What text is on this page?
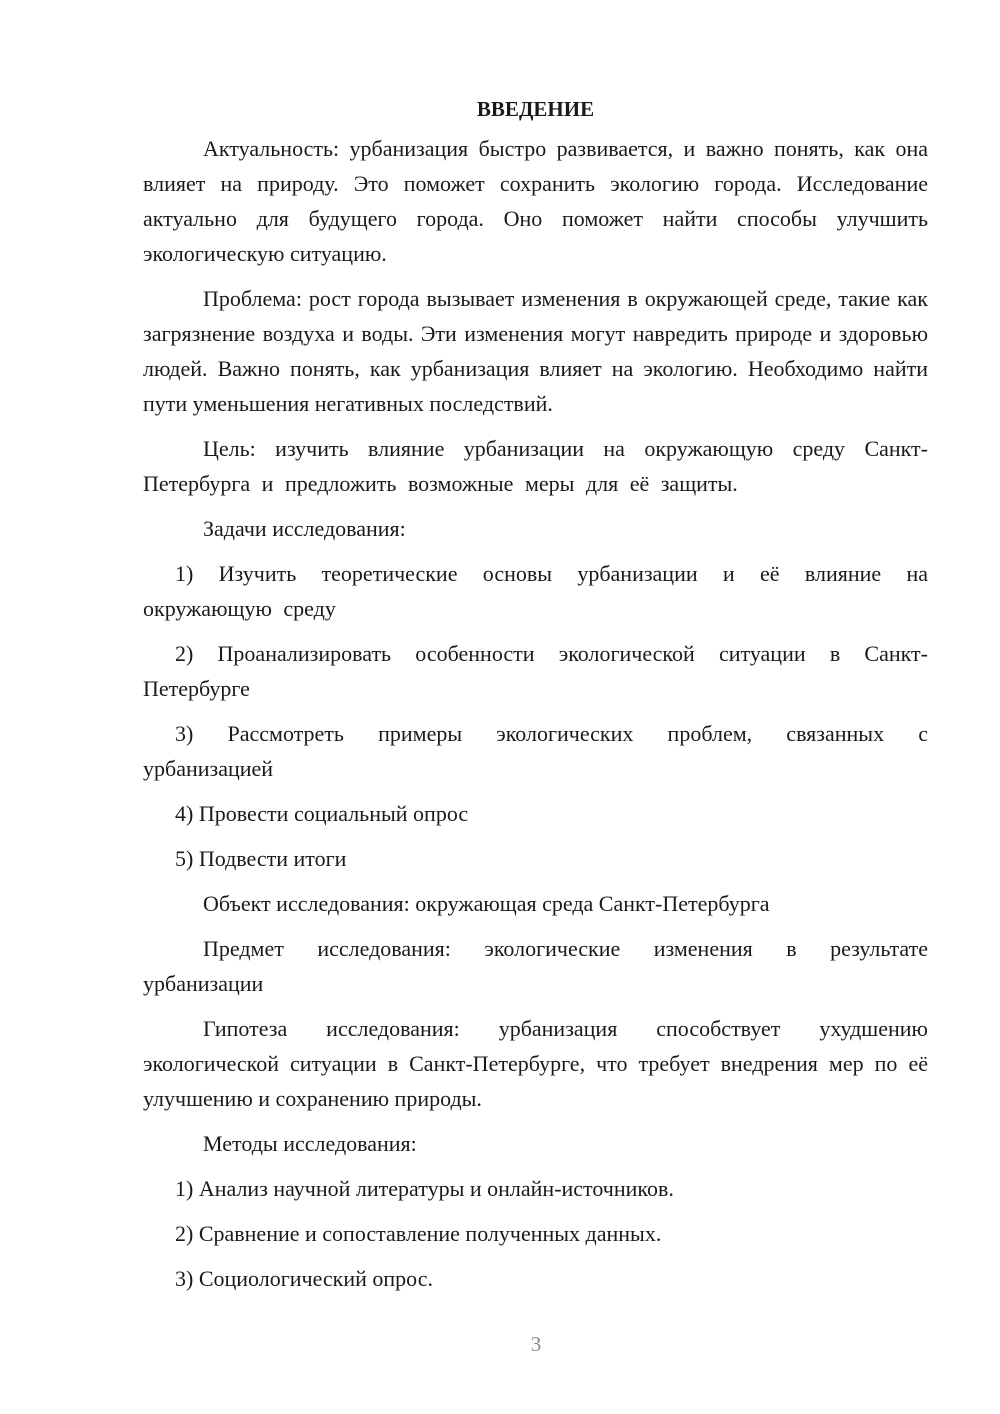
ВВЕДЕНИЕ

Актуальность: урбанизация быстро развивается, и важно понять, как она влияет на природу. Это поможет сохранить экологию города. Исследование актуально для будущего города. Оно поможет найти способы улучшить экологическую ситуацию.

Проблема: рост города вызывает изменения в окружающей среде, такие как загрязнение воздуха и воды. Эти изменения могут навредить природе и здоровью людей. Важно понять, как урбанизация влияет на экологию. Необходимо найти пути уменьшения негативных последствий.

Цель: изучить влияние урбанизации на окружающую среду Санкт-Петербурга и предложить возможные меры для её защиты.

Задачи исследования:

1) Изучить теоретические основы урбанизации и её влияние на окружающую среду

2) Проанализировать особенности экологической ситуации в Санкт-Петербурге

3) Рассмотреть примеры экологических проблем, связанных с урбанизацией

4) Провести социальный опрос

5) Подвести итоги

Объект исследования: окружающая среда Санкт-Петербурга

Предмет исследования: экологические изменения в результате урбанизации

Гипотеза исследования: урбанизация способствует ухудшению экологической ситуации в Санкт-Петербурге, что требует внедрения мер по её улучшению и сохранению природы.

Методы исследования:

1) Анализ научной литературы и онлайн-источников.

2) Сравнение и сопоставление полученных данных.

3) Социологический опрос.

3
